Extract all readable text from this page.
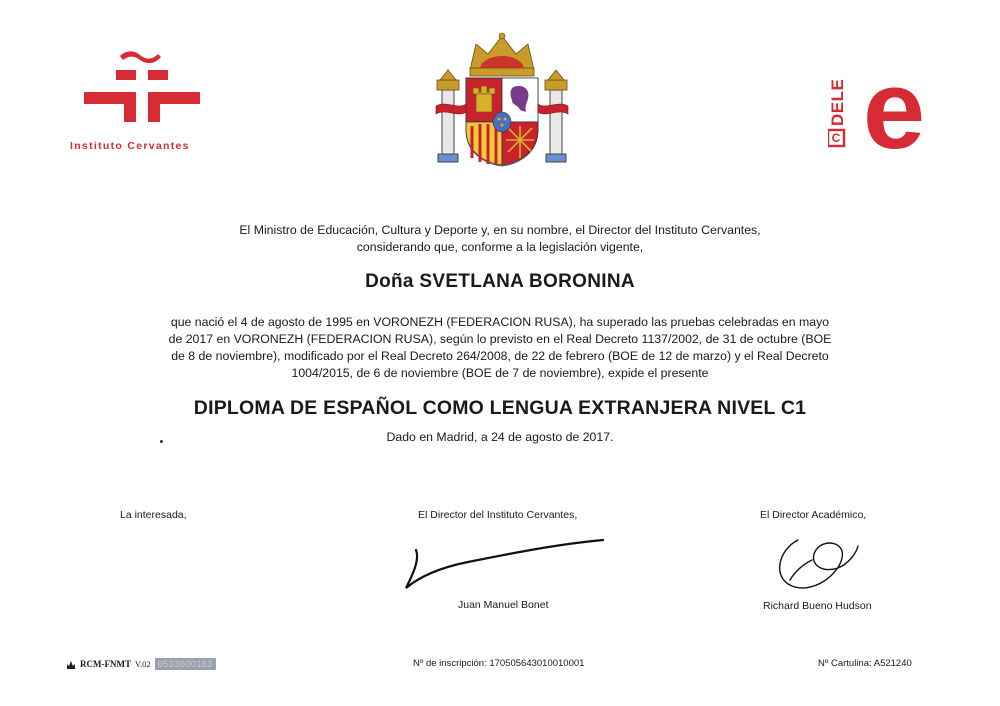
Instituto Cervantes
C
DELE e
El Ministro de Educación, Cultura y Deporte y, en su nombre, el Director del Instituto Cervantes,
considerando que, conforme a la legislación vigente,
Doña SVETLANA BORONINA
que nació el 4 de agosto de 1995 en VORONEZH (FEDERACION RUSA), ha superado las pruebas celebradas en mayo de 2017 en VORONEZH (FEDERACION RUSA), según lo previsto en el Real Decreto 1137/2002, de 31 de octubre (BOE de 8 de noviembre), modificado por el Real Decreto 264/2008, de 22 de febrero (BOE de 12 de marzo) y el Real Decreto 1004/2015, de 6 de noviembre (BOE de 7 de noviembre), expide el presente
DIPLOMA DE ESPAÑOL COMO LENGUA EXTRANJERA NIVEL C1
Dado en Madrid, a 24 de agosto de 2017.
La interesada,	El Director del Instituto Cervantes,	El Director Académico,
Juan Manuel Bonet	Richard Bueno Hudson
RCM-FNMT V.02 0533000183	Nº de inscripción: 170505643010010001	Nº Cartulina: A521240
